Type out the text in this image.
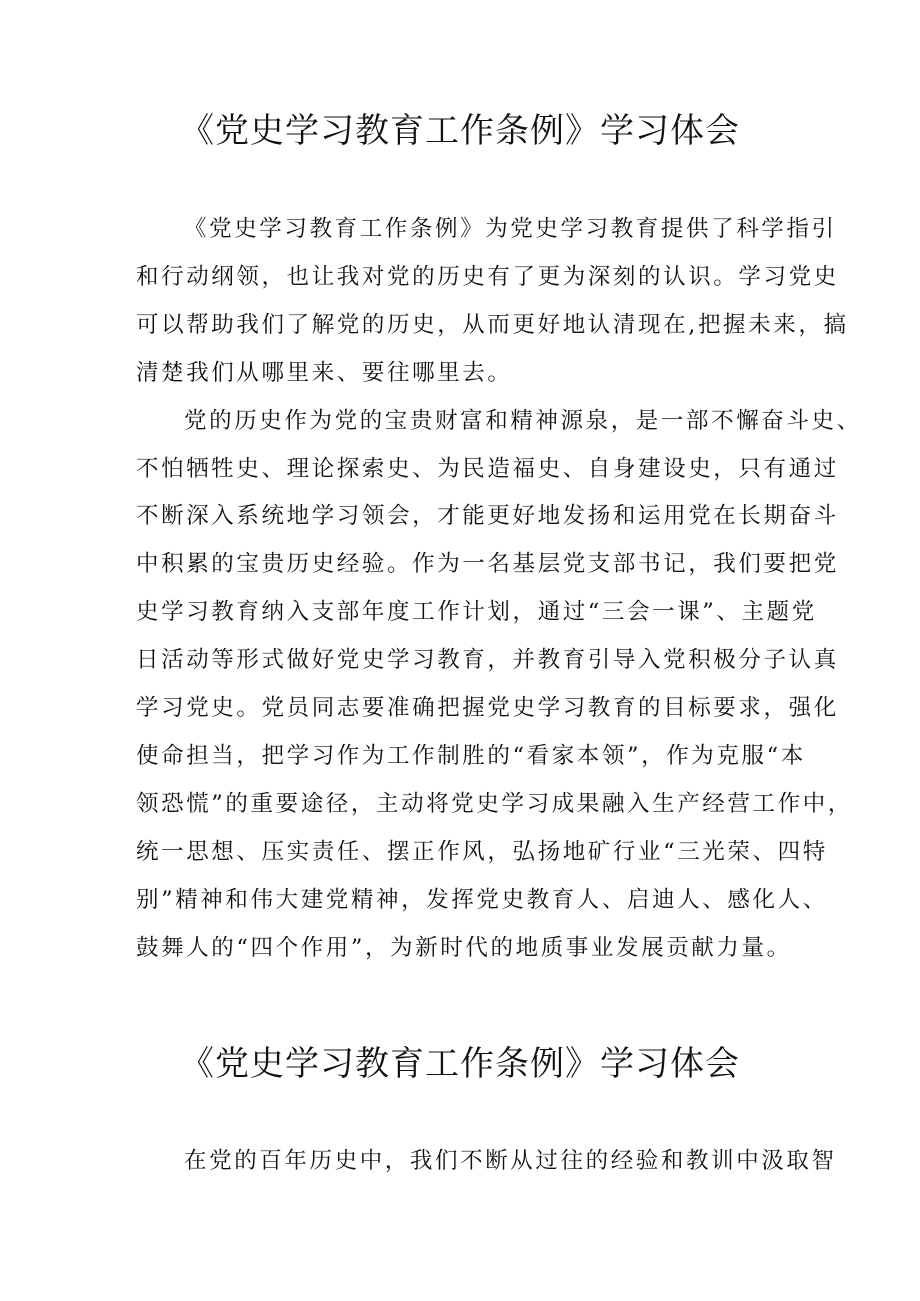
《党史学习教育工作条例》学习体会
《党史学习教育工作条例》为党史学习教育提供了科学指引
和行动纲领，也让我对党的历史有了更为深刻的认识。学习党史
可以帮助我们了解党的历史，从而更好地认清现在,把握未来，搞
清楚我们从哪里来、要往哪里去。
党的历史作为党的宝贵财富和精神源泉，是一部不懈奋斗史、
不怕牺牲史、理论探索史、为民造福史、自身建设史，只有通过
不断深入系统地学习领会，才能更好地发扬和运用党在长期奋斗
中积累的宝贵历史经验。作为一名基层党支部书记，我们要把党
史学习教育纳入支部年度工作计划，通过“三会一课”、主题党
日活动等形式做好党史学习教育，并教育引导入党积极分子认真
学习党史。党员同志要准确把握党史学习教育的目标要求，强化
使命担当，把学习作为工作制胜的“看家本领”，作为克服“本
领恐慌”的重要途径，主动将党史学习成果融入生产经营工作中，
统一思想、压实责任、摆正作风，弘扬地矿行业“三光荣、四特
别”精神和伟大建党精神，发挥党史教育人、启迪人、感化人、
鼓舞人的“四个作用”，为新时代的地质事业发展贡献力量。
《党史学习教育工作条例》学习体会
在党的百年历史中，我们不断从过往的经验和教训中汲取智
